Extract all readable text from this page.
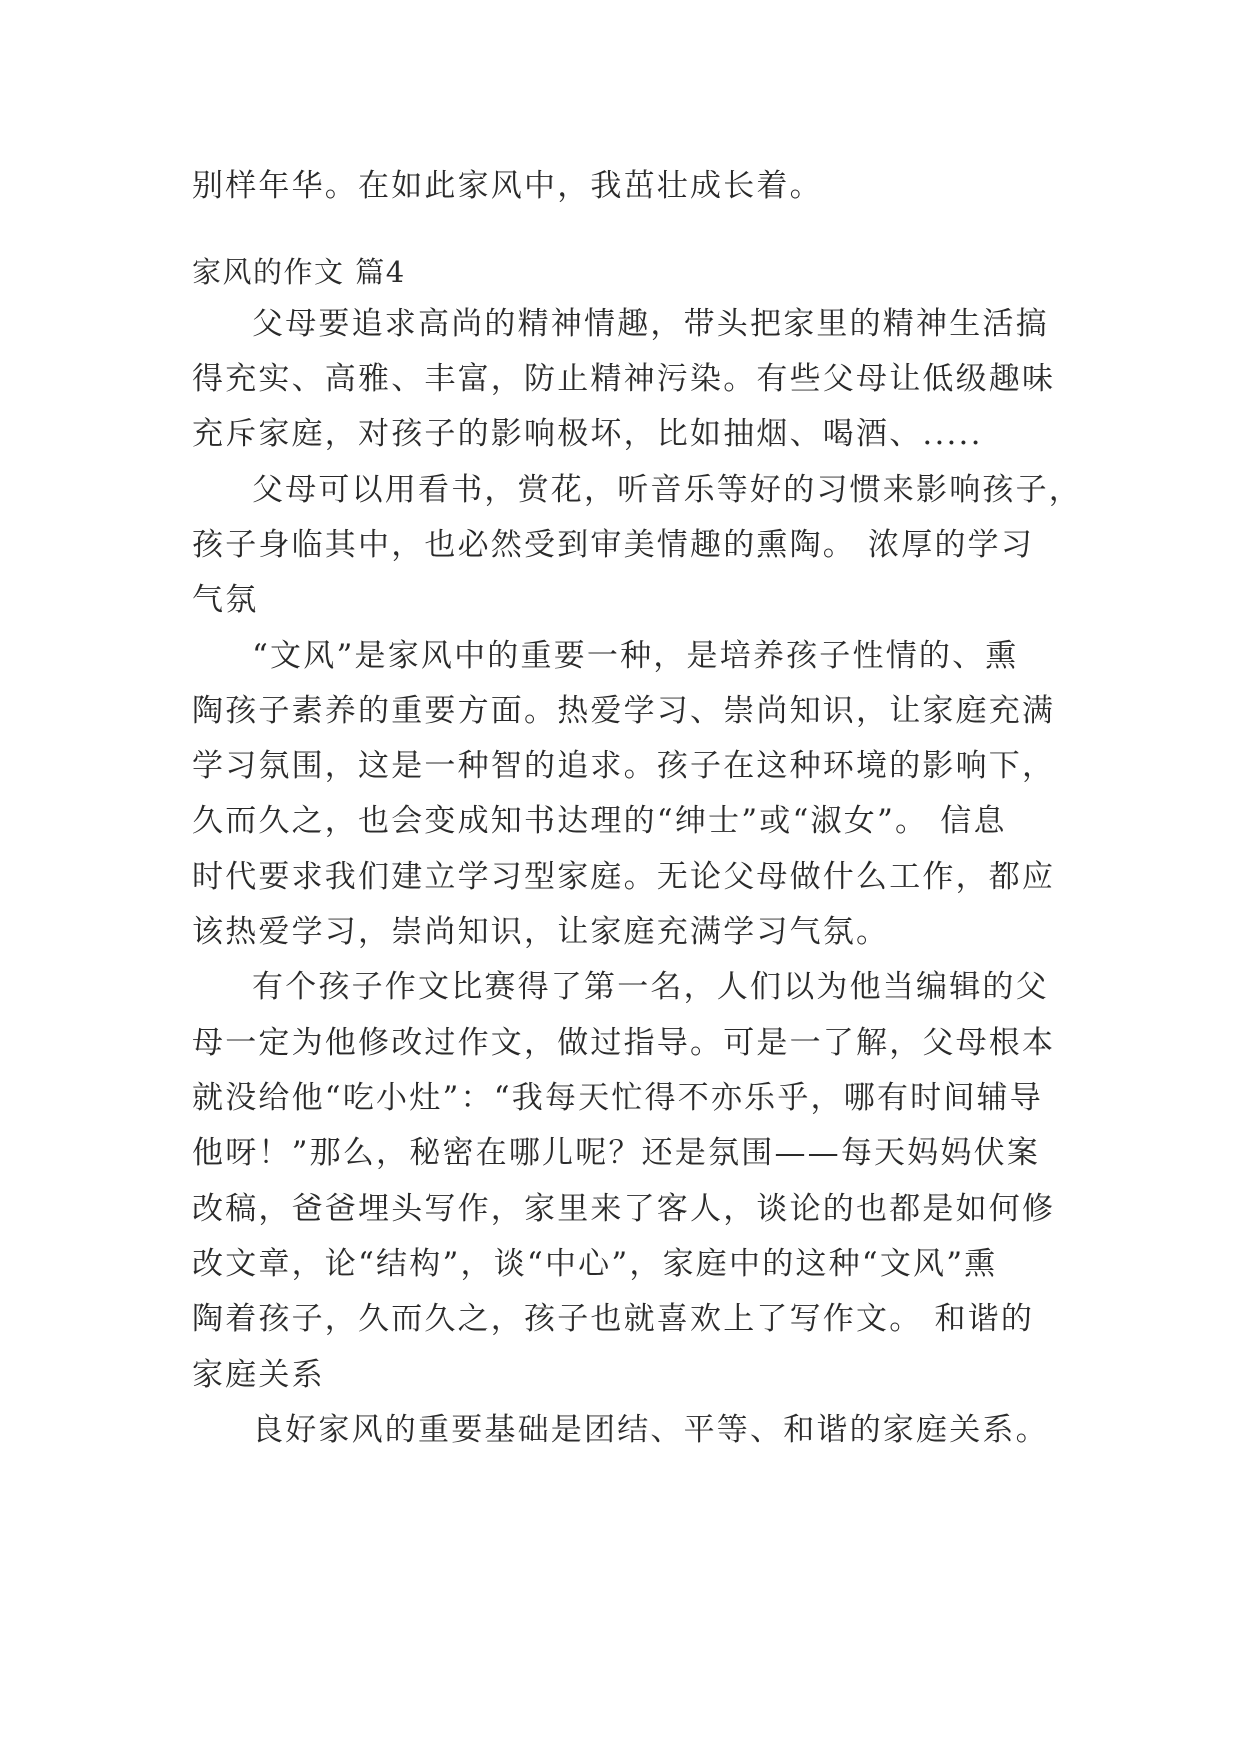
别样年华。在如此家风中，我茁壮成长着。
家风的作文 篇4
父母要追求高尚的精神情趣，带头把家里的精神生活搞
得充实、高雅、丰富，防止精神污染。有些父母让低级趣味
充斥家庭，对孩子的影响极坏，比如抽烟、喝酒、.....
父母可以用看书，赏花，听音乐等好的习惯来影响孩子，
孩子身临其中，也必然受到审美情趣的熏陶。 浓厚的学习
气氛
“文风”是家风中的重要一种，是培养孩子性情的、熏
陶孩子素养的重要方面。热爱学习、崇尚知识，让家庭充满
学习氛围，这是一种智的追求。孩子在这种环境的影响下，
久而久之，也会变成知书达理的“绅士”或“淑女”。 信息
时代要求我们建立学习型家庭。无论父母做什么工作，都应
该热爱学习，崇尚知识，让家庭充满学习气氛。
有个孩子作文比赛得了第一名，人们以为他当编辑的父
母一定为他修改过作文，做过指导。可是一了解，父母根本
就没给他“吃小灶”：“我每天忙得不亦乐乎，哪有时间辅导
他呀！”那么，秘密在哪儿呢？还是氛围——每天妈妈伏案
改稿，爸爸埋头写作，家里来了客人，谈论的也都是如何修
改文章，论“结构”，谈“中心”，家庭中的这种“文风”熏
陶着孩子，久而久之，孩子也就喜欢上了写作文。 和谐的
家庭关系
良好家风的重要基础是团结、平等、和谐的家庭关系。
